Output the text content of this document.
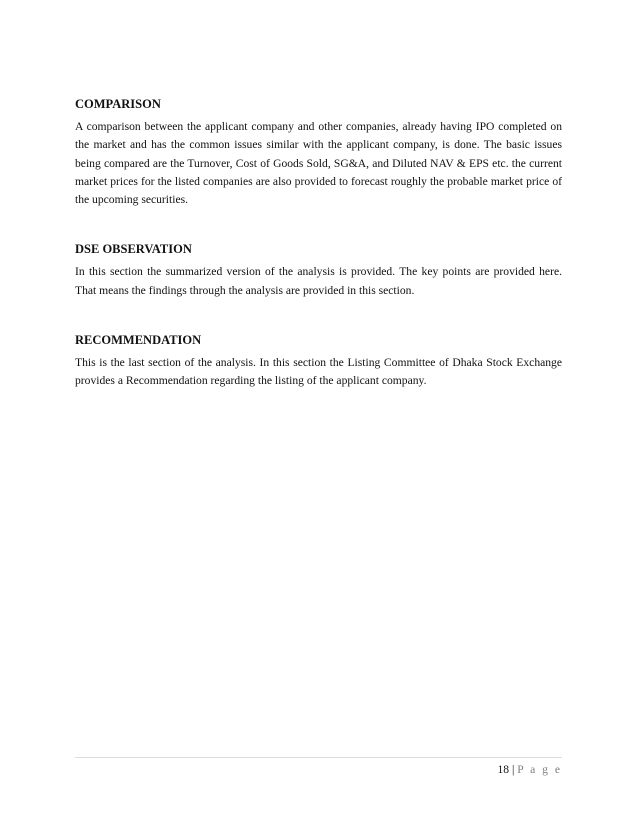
COMPARISON

A comparison between the applicant company and other companies, already having IPO completed on the market and has the common issues similar with the applicant company, is done. The basic issues being compared are the Turnover, Cost of Goods Sold, SG&A, and Diluted NAV & EPS etc. the current market prices for the listed companies are also provided to forecast roughly the probable market price of the upcoming securities.

DSE OBSERVATION

In this section the summarized version of the analysis is provided. The key points are provided here. That means the findings through the analysis are provided in this section.

RECOMMENDATION

This is the last section of the analysis. In this section the Listing Committee of Dhaka Stock Exchange provides a Recommendation regarding the listing of the applicant company.

18 | P a g e
